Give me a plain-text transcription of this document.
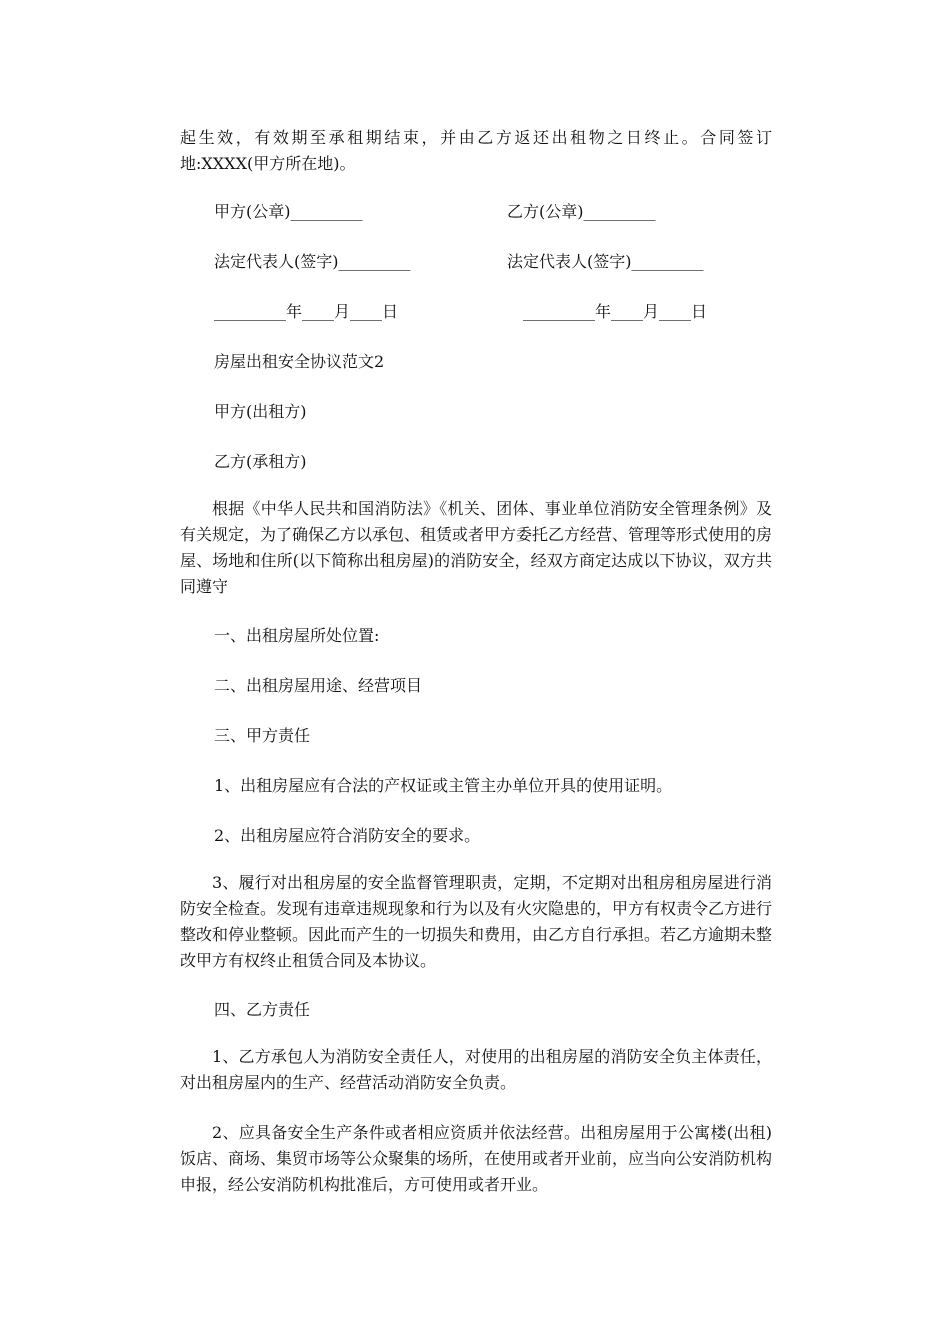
起生效，有效期至承租期结束，并由乙方返还出租物之日终止。合同签订地:XXXX(甲方所在地)。
甲方(公章)_________	乙方(公章)_________
法定代表人(签字)_________	法定代表人(签字)_________
_________年____月____日	_________年____月____日
房屋出租安全协议范文2
甲方(出租方)
乙方(承租方)
根据《中华人民共和国消防法》《机关、团体、事业单位消防安全管理条例》及有关规定，为了确保乙方以承包、租赁或者甲方委托乙方经营、管理等形式使用的房屋、场地和住所(以下简称出租房屋)的消防安全，经双方商定达成以下协议，双方共同遵守
一、出租房屋所处位置:
二、出租房屋用途、经营项目
三、甲方责任
1、出租房屋应有合法的产权证或主管主办单位开具的使用证明。
2、出租房屋应符合消防安全的要求。
3、履行对出租房屋的安全监督管理职责，定期，不定期对出租房租房屋进行消防安全检查。发现有违章违规现象和行为以及有火灾隐患的，甲方有权责令乙方进行整改和停业整顿。因此而产生的一切损失和费用，由乙方自行承担。若乙方逾期未整改甲方有权终止租赁合同及本协议。
四、乙方责任
1、乙方承包人为消防安全责任人，对使用的出租房屋的消防安全负主体责任，对出租房屋内的生产、经营活动消防安全负责。
2、应具备安全生产条件或者相应资质并依法经营。出租房屋用于公寓楼(出租)饭店、商场、集贸市场等公众聚集的场所，在使用或者开业前，应当向公安消防机构申报，经公安消防机构批准后，方可使用或者开业。
